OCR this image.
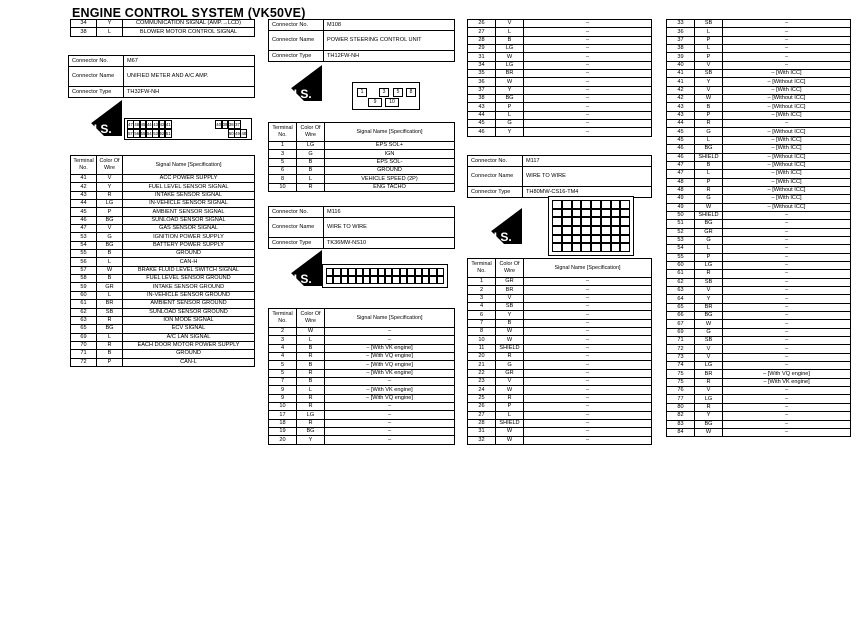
ENGINE CONTROL SYSTEM (VK50VE)
34	Y	COMMUNICATION SIGNAL (AMP.→LCD)
38	L	BLOWER MOTOR CONTROL SIGNAL
Connector No.	M67
Connector Name	UNIFIED METER AND A/C AMP.
Connector Type	TH32FW-NH
H.S.	47 46 45 44 43 42 41	40 39 38 37
57 56 55 54 53 52 51	50 49 48
Terminal No.	Color Of Wire	Signal Name [Specification]
41	V	ACC POWER SUPPLY
42	Y	FUEL LEVEL SENSOR SIGNAL
43	R	INTAKE SENSOR SIGNAL
44	LG	IN-VEHICLE SENSOR SIGNAL
45	P	AMBIENT SENSOR SIGNAL
46	BG	SUNLOAD SENSOR SIGNAL
47	V	GAS SENSOR SIGNAL
53	G	IGNITION POWER SUPPLY
54	BG	BATTERY POWER SUPPLY
55	B	GROUND
56	L	CAN-H
57	W	BRAKE FLUID LEVEL SWITCH SIGNAL
58	B	FUEL LEVEL SENSOR GROUND
59	GR	INTAKE SENSOR GROUND
60	L	IN-VEHICLE SENSOR GROUND
61	BR	AMBIENT SENSOR GROUND
62	SB	SUNLOAD SENSOR GROUND
63	R	ION MODE SIGNAL
65	BG	ECV SIGNAL
69	L	A/C LAN SIGNAL
70	R	EACH DOOR MOTOR POWER SUPPLY
71	B	GROUND
72	P	CAN-L
Connector No.	M108
Connector Name	POWER STEERING CONTROL UNIT
Connector Type	TH12FW-NH
H.S.	1	3	5	8
9	10
Terminal No.	Color Of Wire	Signal Name [Specification]
1	LG	EPS SOL+
3	G	IGN
5	B	EPS SOL-
6	B	GROUND
8	L	VEHICLE SPEED (2P)
10	R	ENG TACHO
Connector No.	M116
Connector Name	WIRE TO WIRE
Connector Type	TK36MW-NS10
H.S.
Terminal No.	Color Of Wire	Signal Name [Specification]
2	W	–
3	L	–
4	B	– [With VK engine]
4	R	– [With VQ engine]
5	B	– [With VQ engine]
5	R	– [With VK engine]
7	B	–
9	L	– [With VK engine]
9	R	– [With VQ engine]
10	R	–
17	LG	–
18	R	–
19	BG	–
20	Y	–
26	V	–
27	L	–
28	B	–
29	LG	–
31	W	–
34	LG	–
35	BR	–
36	W	–
37	Y	–
38	BG	–
43	P	–
44	L	–
45	G	–
46	Y	–
Connector No.	M117
Connector Name	WIRE TO WIRE
Connector Type	TH80MW-CS16-TM4
H.S.
Terminal No.	Color Of Wire	Signal Name [Specification]
1	GR	–
2	BR	–
3	V	–
4	SB	–
6	Y	–
7	B	–
8	W	–
10	W	–
11	SHIELD	–
20	R	–
21	G	–
22	GR	–
23	V	–
24	W	–
25	R	–
26	P	–
27	L	–
28	SHIELD	–
31	W	–
32	W	–
33	SB	–
36	L	–
37	P	–
38	L	–
39	P	–
40	V	–
41	SB	– [With ICC]
41	Y	– [Without ICC]
42	V	– [With ICC]
42	W	– [Without ICC]
43	B	– [Without ICC]
43	P	– [With ICC]
44	R	–
45	G	– [Without ICC]
45	L	– [With ICC]
46	BG	– [With ICC]
46	SHIELD	– [Without ICC]
47	B	– [Without ICC]
47	L	– [With ICC]
48	P	– [With ICC]
48	R	– [Without ICC]
49	G	– [With ICC]
49	W	– [Without ICC]
50	SHIELD	–
51	BG	–
52	GR	–
53	G	–
54	L	–
55	P	–
60	LG	–
61	R	–
62	SB	–
63	V	–
64	Y	–
65	BR	–
66	BG	–
67	W	–
69	G	–
71	SB	–
72	V	–
73	V	–
74	LG	–
75	BR	– [With VQ engine]
75	R	– [With VK engine]
76	V	–
77	LG	–
80	R	–
82	Y	–
83	BG	–
84	W	–
